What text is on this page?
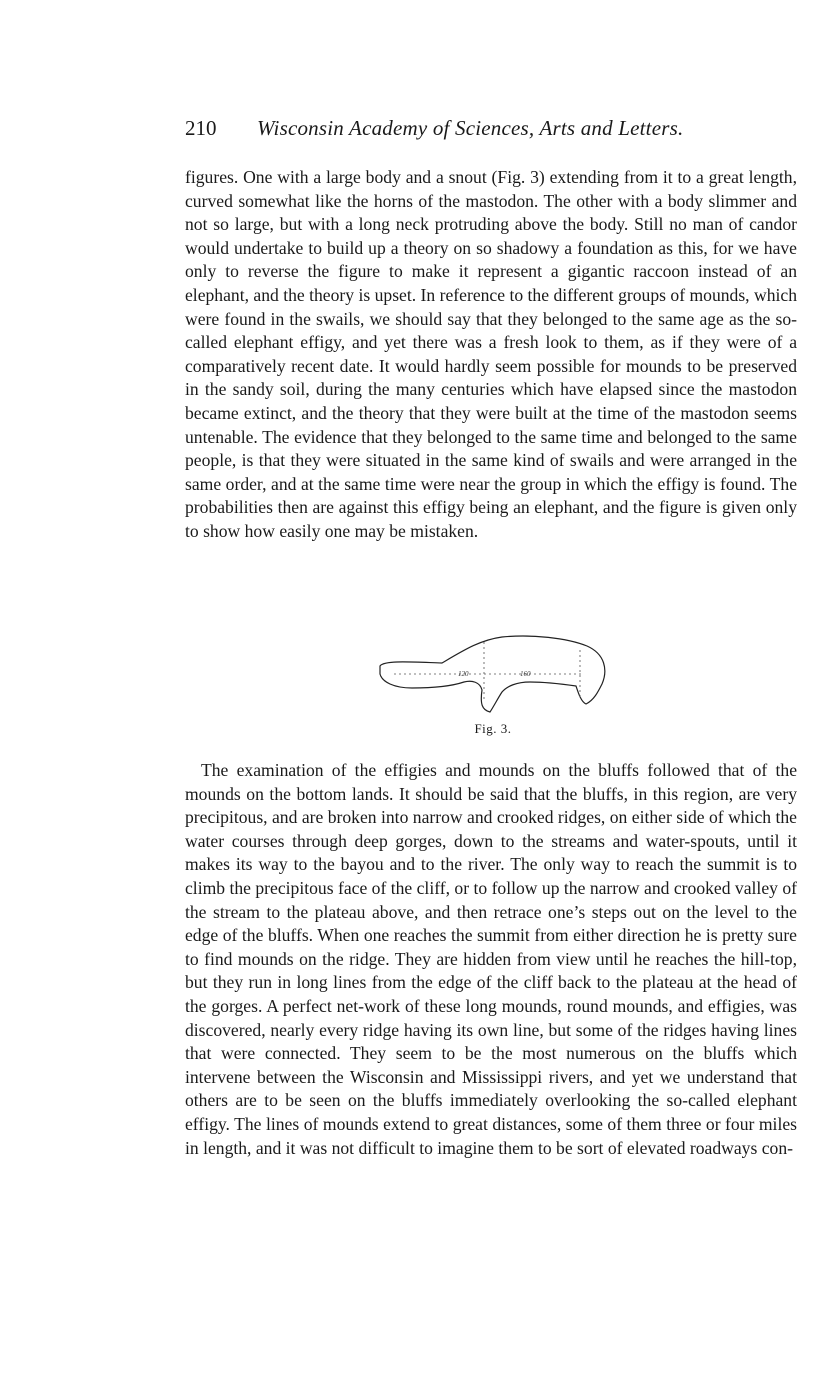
210 Wisconsin Academy of Sciences, Arts and Letters.

figures. One with a large body and a snout (Fig. 3) extending from it to a great length, curved somewhat like the horns of the mastodon. The other with a body slimmer and not so large, but with a long neck protruding above the body. Still no man of candor would undertake to build up a theory on so shadowy a foundation as this, for we have only to reverse the figure to make it represent a gigantic raccoon instead of an elephant, and the theory is upset. In reference to the different groups of mounds, which were found in the swails, we should say that they belonged to the same age as the so-called elephant effigy, and yet there was a fresh look to them, as if they were of a comparatively recent date. It would hardly seem possible for mounds to be preserved in the sandy soil, during the many centuries which have elapsed since the mastodon became extinct, and the theory that they were built at the time of the mastodon seems untenable. The evidence that they belonged to the same time and belonged to the same people, is that they were situated in the same kind of swails and were arranged in the same order, and at the same time were near the group in which the effigy is found. The probabilities then are against this effigy being an elephant, and the figure is given only to show how easily one may be mistaken.

120	160
Fig. 3.

The examination of the effigies and mounds on the bluffs followed that of the mounds on the bottom lands. It should be said that the bluffs, in this region, are very precipitous, and are broken into narrow and crooked ridges, on either side of which the water courses through deep gorges, down to the streams and water-spouts, until it makes its way to the bayou and to the river. The only way to reach the summit is to climb the precipitous face of the cliff, or to follow up the narrow and crooked valley of the stream to the plateau above, and then retrace one’s steps out on the level to the edge of the bluffs. When one reaches the summit from either direction he is pretty sure to find mounds on the ridge. They are hidden from view until he reaches the hill-top, but they run in long lines from the edge of the cliff back to the plateau at the head of the gorges. A perfect net-work of these long mounds, round mounds, and effigies, was discovered, nearly every ridge having its own line, but some of the ridges having lines that were connected. They seem to be the most numerous on the bluffs which intervene between the Wisconsin and Mississippi rivers, and yet we understand that others are to be seen on the bluffs immediately overlooking the so-called elephant effigy. The lines of mounds extend to great distances, some of them three or four miles in length, and it was not difficult to imagine them to be sort of elevated roadways con-
